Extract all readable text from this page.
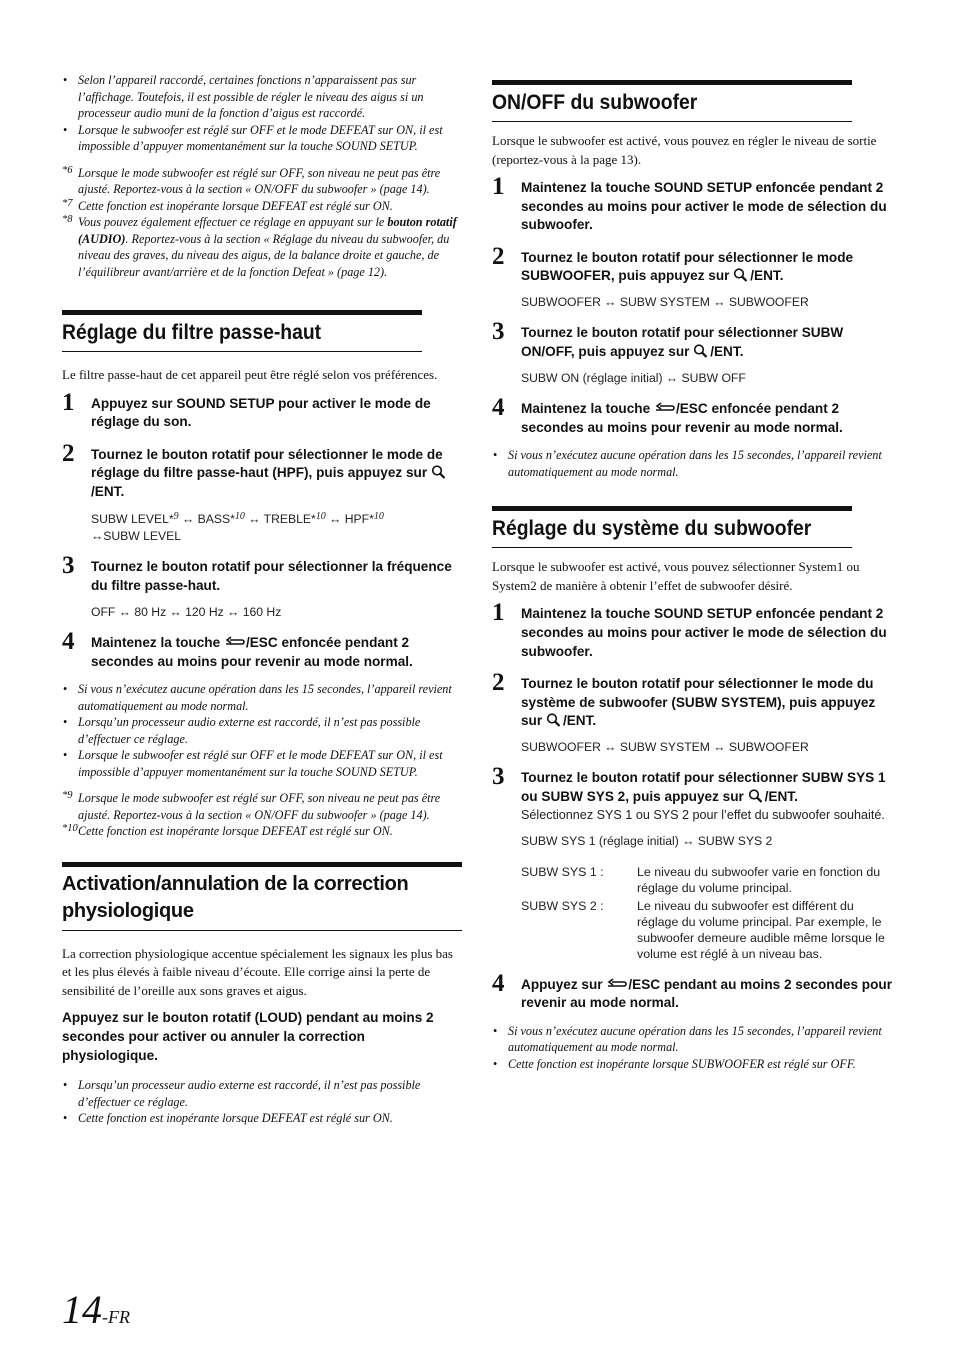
• Selon l’appareil raccordé, certaines fonctions n’apparaissent pas sur l’affichage. Toutefois, il est possible de régler le niveau des aigus si un processeur audio muni de la fonction d’aigus est raccordé.
• Lorsque le subwoofer est réglé sur OFF et le mode DEFEAT sur ON, il est impossible d’appuyer momentanément sur la touche SOUND SETUP.
*6 Lorsque le mode subwoofer est réglé sur OFF, son niveau ne peut pas être ajusté. Reportez-vous à la section « ON/OFF du subwoofer » (page 14).
*7 Cette fonction est inopérante lorsque DEFEAT est réglé sur ON.
*8 Vous pouvez également effectuer ce réglage en appuyant sur le bouton rotatif (AUDIO). Reportez-vous à la section « Réglage du niveau du subwoofer, du niveau des graves, du niveau des aigus, de la balance droite et gauche, de l’équilibreur avant/arrière et de la fonction Defeat » (page 12).
Réglage du filtre passe-haut

Le filtre passe-haut de cet appareil peut être réglé selon vos préférences.

1 Appuyez sur SOUND SETUP pour activer le mode de réglage du son.

2 Tournez le bouton rotatif pour sélectionner le mode de réglage du filtre passe-haut (HPF), puis appuyez sur /ENT.

SUBW LEVEL*$^9$ ↔ BASS*$^{10}$ ↔ TREBLE*$^{10}$ ↔ HPF*$^{10}$
↔SUBW LEVEL

3 Tournez le bouton rotatif pour sélectionner la fréquence du filtre passe-haut.

OFF ↔ 80 Hz ↔ 120 Hz ↔ 160 Hz

4 Maintenez la touche /ESC enfoncée pendant 2 secondes au moins pour revenir au mode normal.

• Si vous n’exécutez aucune opération dans les 15 secondes, l’appareil revient automatiquement au mode normal.
• Lorsqu’un processeur audio externe est raccordé, il n’est pas possible d’effectuer ce réglage.
• Lorsque le subwoofer est réglé sur OFF et le mode DEFEAT sur ON, il est impossible d’appuyer momentanément sur la touche SOUND SETUP.
*9 Lorsque le mode subwoofer est réglé sur OFF, son niveau ne peut pas être ajusté. Reportez-vous à la section « ON/OFF du subwoofer » (page 14).
*10 Cette fonction est inopérante lorsque DEFEAT est réglé sur ON.
Activation/annulation de la correction physiologique

La correction physiologique accentue spécialement les signaux les plus bas et les plus élevés à faible niveau d’écoute. Elle corrige ainsi la perte de sensibilité de l’oreille aux sons graves et aigus.

Appuyez sur le bouton rotatif (LOUD) pendant au moins 2 secondes pour activer ou annuler la correction physiologique.

• Lorsqu’un processeur audio externe est raccordé, il n’est pas possible d’effectuer ce réglage.
• Cette fonction est inopérante lorsque DEFEAT est réglé sur ON.
ON/OFF du subwoofer

Lorsque le subwoofer est activé, vous pouvez en régler le niveau de sortie (reportez-vous à la page 13).

1 Maintenez la touche SOUND SETUP enfoncée pendant 2 secondes au moins pour activer le mode de sélection du subwoofer.

2 Tournez le bouton rotatif pour sélectionner le mode SUBWOOFER, puis appuyez sur /ENT.

SUBWOOFER ↔ SUBW SYSTEM ↔ SUBWOOFER

3 Tournez le bouton rotatif pour sélectionner SUBW ON/OFF, puis appuyez sur /ENT.

SUBW ON (réglage initial) ↔ SUBW OFF

4 Maintenez la touche /ESC enfoncée pendant 2 secondes au moins pour revenir au mode normal.

• Si vous n’exécutez aucune opération dans les 15 secondes, l’appareil revient automatiquement au mode normal.
Réglage du système du subwoofer

Lorsque le subwoofer est activé, vous pouvez sélectionner System1 ou System2 de manière à obtenir l’effet de subwoofer désiré.

1 Maintenez la touche SOUND SETUP enfoncée pendant 2 secondes au moins pour activer le mode de sélection du subwoofer.

2 Tournez le bouton rotatif pour sélectionner le mode du système de subwoofer (SUBW SYSTEM), puis appuyez sur /ENT.

SUBWOOFER ↔ SUBW SYSTEM ↔ SUBWOOFER

3 Tournez le bouton rotatif pour sélectionner SUBW SYS 1 ou SUBW SYS 2, puis appuyez sur /ENT.

Sélectionnez SYS 1 ou SYS 2 pour l’effet du subwoofer souhaité.

SUBW SYS 1 (réglage initial) ↔ SUBW SYS 2

SUBW SYS 1 :	Le niveau du subwoofer varie en fonction du réglage du volume principal.
SUBW SYS 2 :	Le niveau du subwoofer est différent du réglage du volume principal. Par exemple, le subwoofer demeure audible même lorsque le volume est réglé à un niveau bas.
4 Appuyez sur /ESC pendant au moins 2 secondes pour revenir au mode normal.

• Si vous n’exécutez aucune opération dans les 15 secondes, l’appareil revient automatiquement au mode normal.
• Cette fonction est inopérante lorsque SUBWOOFER est réglé sur OFF.
14-FR
